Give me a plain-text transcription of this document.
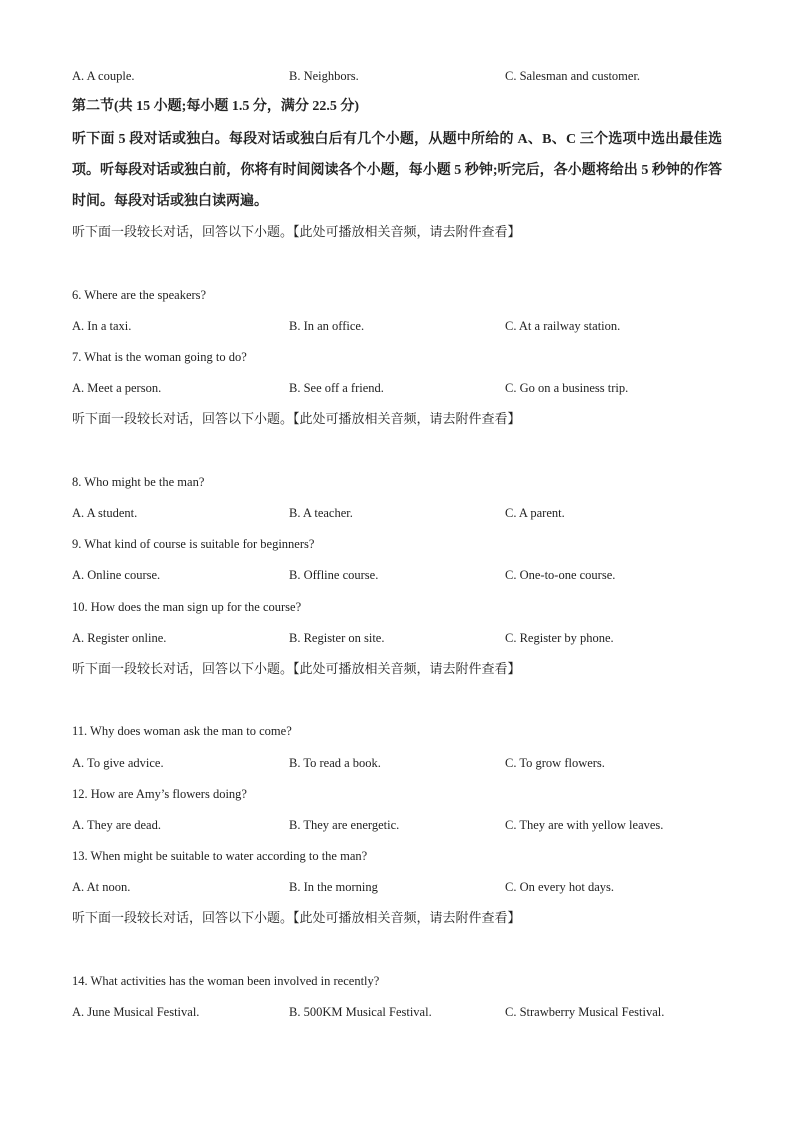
A. A couple.	B. Neighbors.	C. Salesman and customer.
第二节(共 15 小题;每小题 1.5 分，满分 22.5 分)
听下面 5 段对话或独白。每段对话或独白后有几个小题，从题中所给的 A、B、C 三个选项中选出最佳选项。听每段对话或独白前，你将有时间阅读各个小题，每小题 5 秒钟;听完后，各小题将给出 5 秒钟的作答时间。每段对话或独白读两遍。
听下面一段较长对话，回答以下小题。【此处可播放相关音频，请去附件查看】
6. Where are the speakers?
A. In a taxi.	B. In an office.	C. At a railway station.
7. What is the woman going to do?
A. Meet a person.	B. See off a friend.	C. Go on a business trip.
听下面一段较长对话，回答以下小题。【此处可播放相关音频，请去附件查看】
8. Who might be the man?
A. A student.	B. A teacher.	C. A parent.
9. What kind of course is suitable for beginners?
A. Online course.	B. Offline course.	C. One-to-one course.
10. How does the man sign up for the course?
A. Register online.	B. Register on site.	C. Register by phone.
听下面一段较长对话，回答以下小题。【此处可播放相关音频，请去附件查看】
11. Why does woman ask the man to come?
A. To give advice.	B. To read a book.	C. To grow flowers.
12. How are Amy’s flowers doing?
A. They are dead.	B. They are energetic.	C. They are with yellow leaves.
13. When might be suitable to water according to the man?
A. At noon.	B. In the morning	C. On every hot days.
听下面一段较长对话，回答以下小题。【此处可播放相关音频，请去附件查看】
14. What activities has the woman been involved in recently?
A. June Musical Festival.	B. 500KM Musical Festival.	C. Strawberry Musical Festival.
